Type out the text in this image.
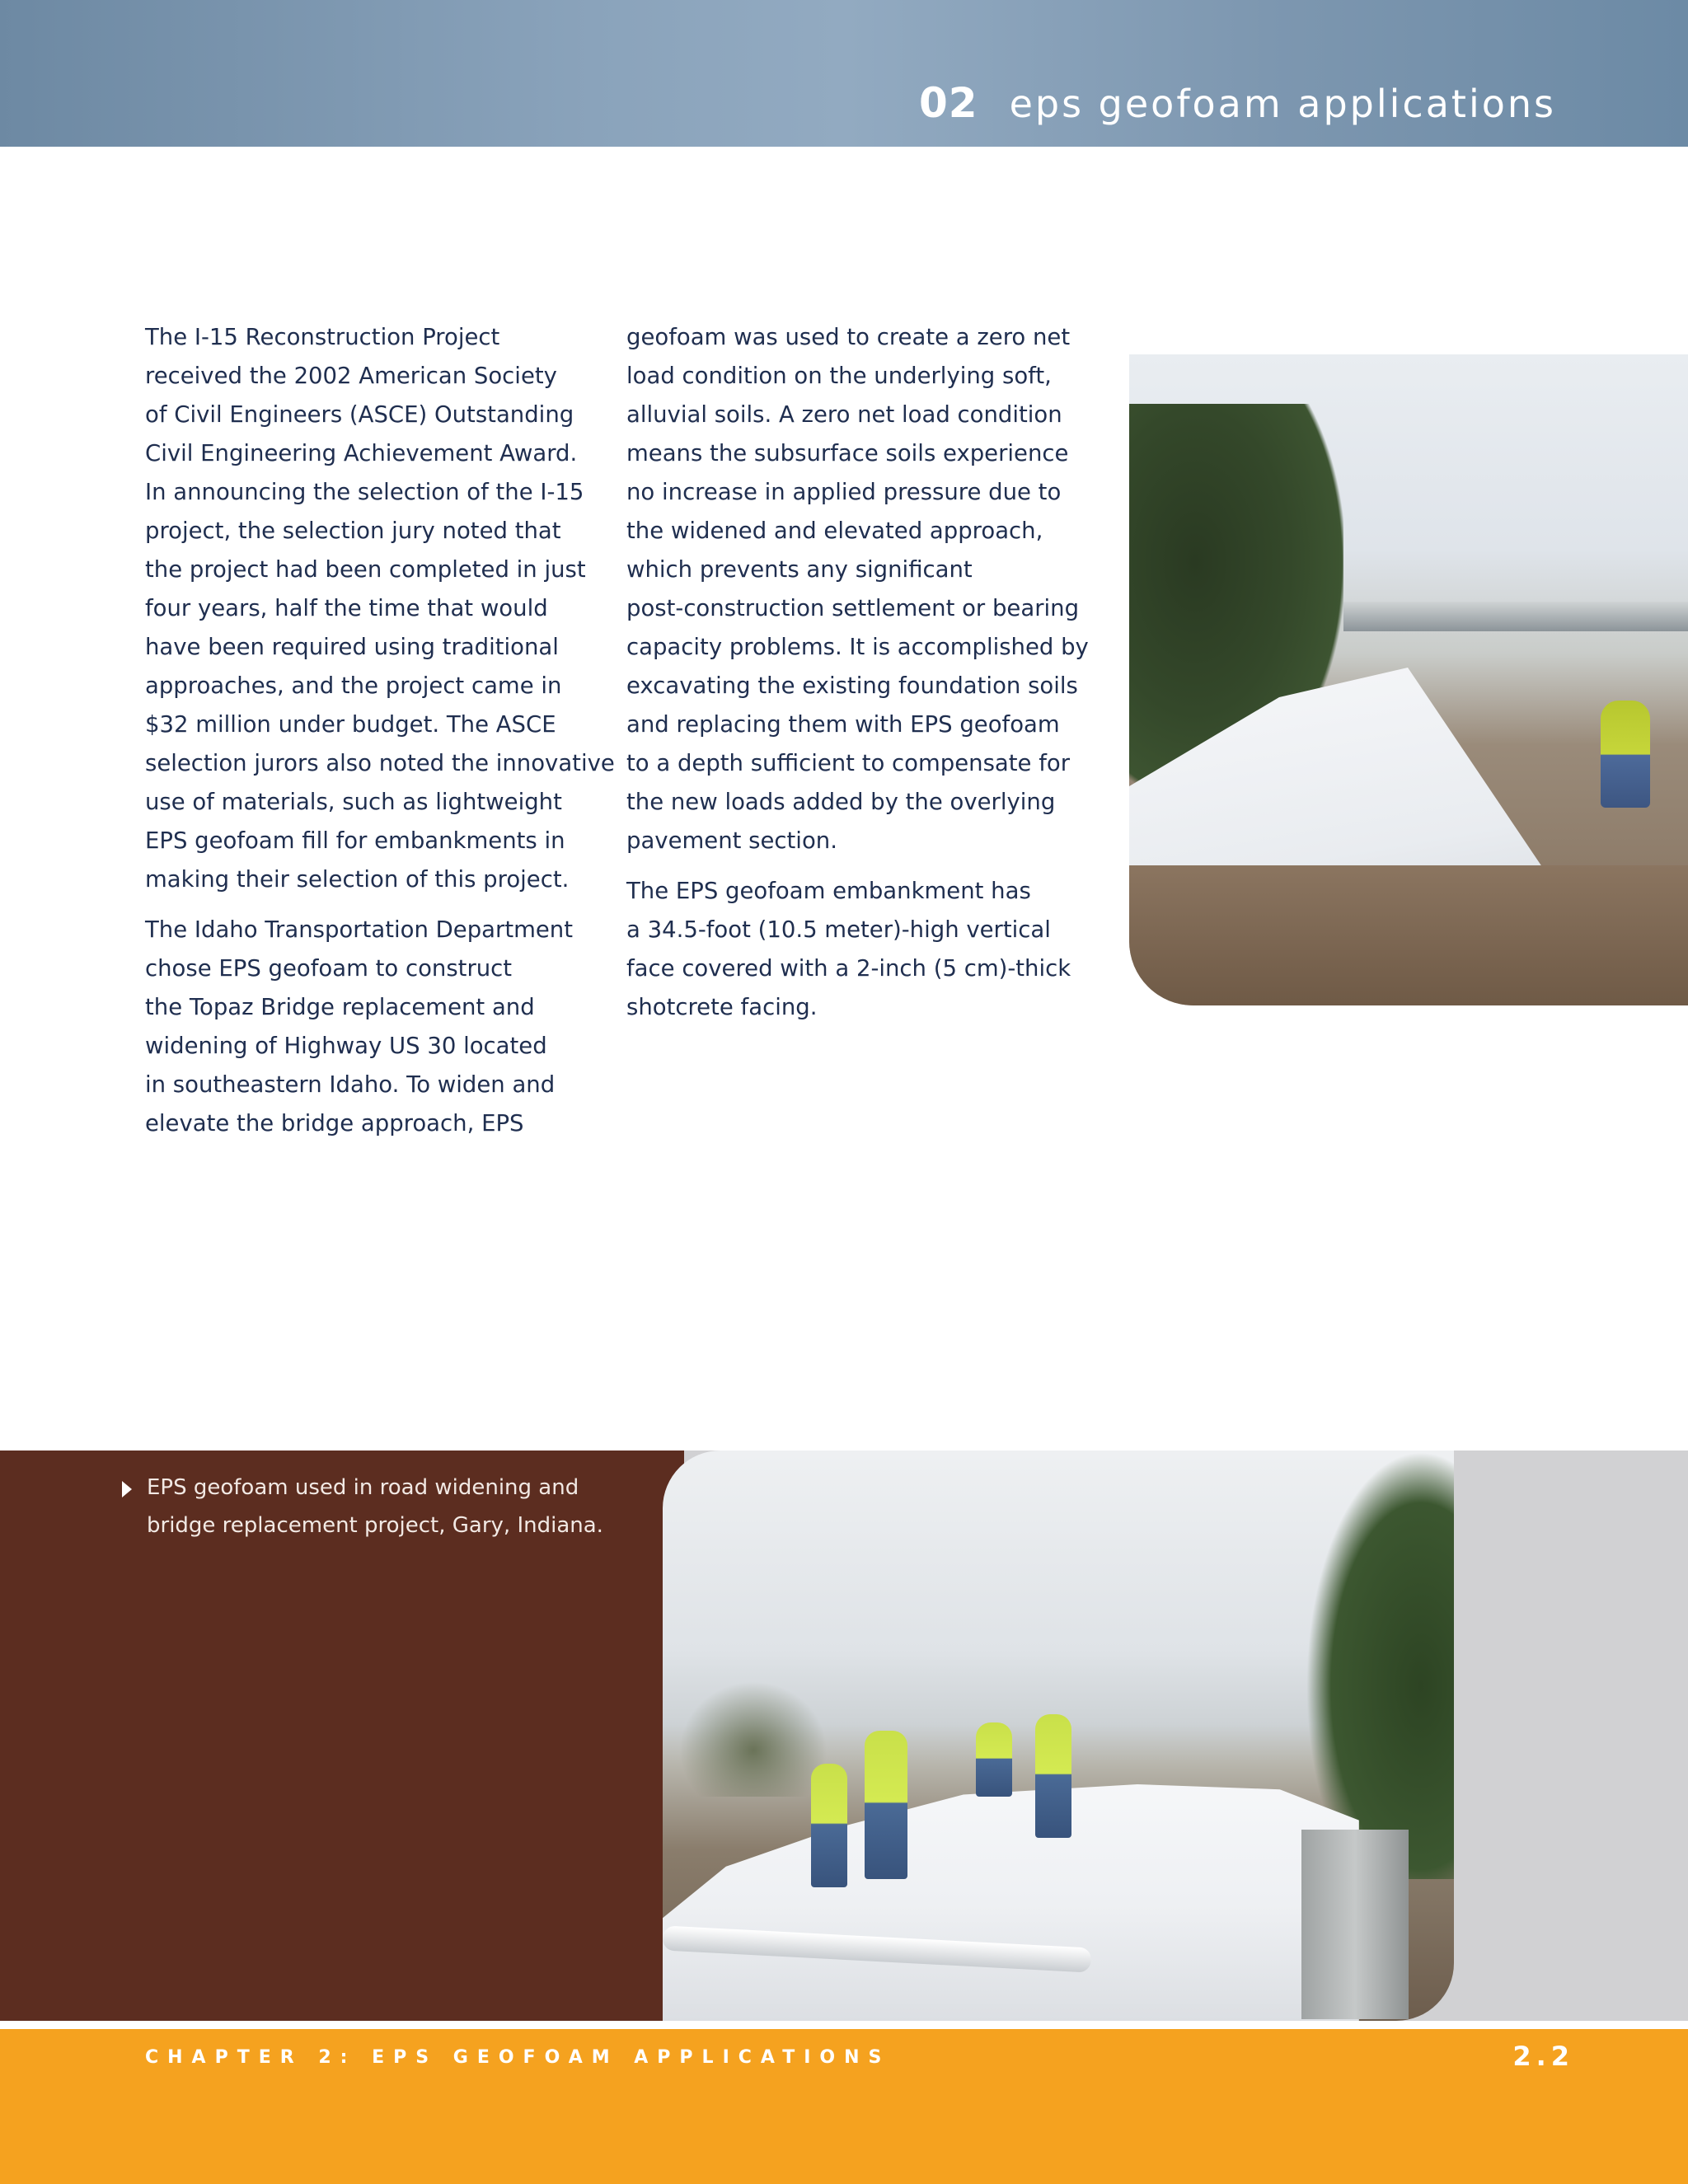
02 eps geofoam applications

The I-15 Reconstruction Project
received the 2002 American Society
of Civil Engineers (ASCE) Outstanding
Civil Engineering Achievement Award.
In announcing the selection of the I-15
project, the selection jury noted that
the project had been completed in just
four years, half the time that would
have been required using traditional
approaches, and the project came in
$32 million under budget. The ASCE
selection jurors also noted the innovative
use of materials, such as lightweight
EPS geofoam fill for embankments in
making their selection of this project.

The Idaho Transportation Department
chose EPS geofoam to construct
the Topaz Bridge replacement and
widening of Highway US 30 located
in southeastern Idaho. To widen and
elevate the bridge approach, EPS

geofoam was used to create a zero net
load condition on the underlying soft,
alluvial soils. A zero net load condition
means the subsurface soils experience
no increase in applied pressure due to
the widened and elevated approach,
which prevents any significant
post-construction settlement or bearing
capacity problems. It is accomplished by
excavating the existing foundation soils
and replacing them with EPS geofoam
to a depth sufficient to compensate for
the new loads added by the overlying
pavement section.

The EPS geofoam embankment has
a 34.5-foot (10.5 meter)-high vertical
face covered with a 2-inch (5 cm)-thick
shotcrete facing.

EPS geofoam used in road widening and
bridge replacement project, Gary, Indiana.
CHAPTER 2: EPS GEOFOAM APPLICATIONS	2.2
